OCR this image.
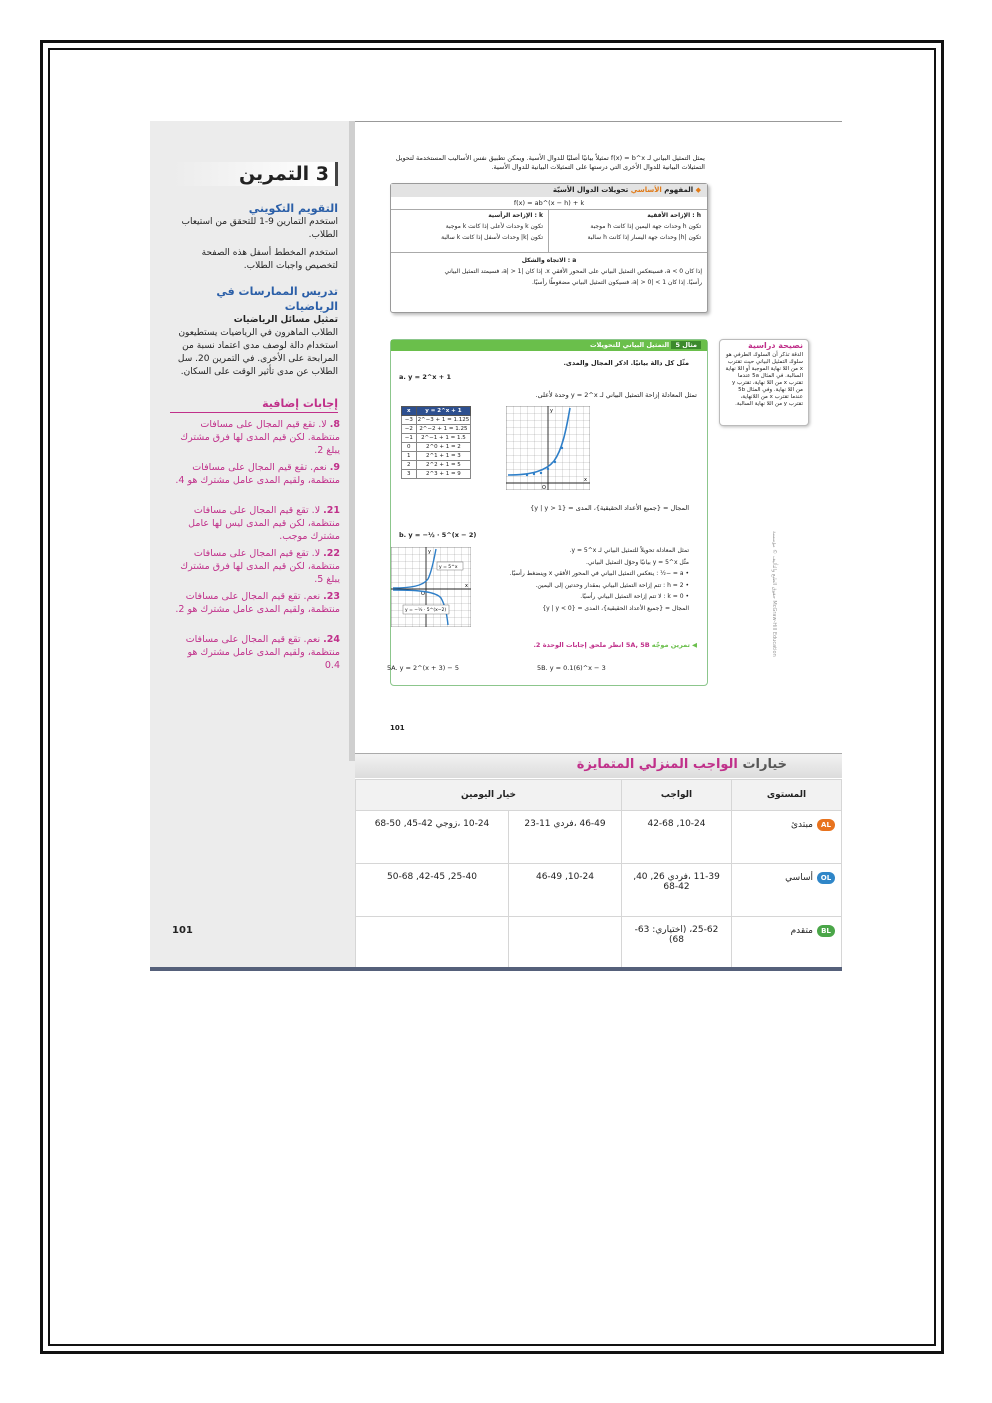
3 التمرين
التقويم التكويني
استخدم التمارين 9-1 للتحقق من استيعاب الطلاب.
استخدم المخطط أسفل هذه الصفحة لتخصيص واجبات الطلاب.
تدريس الممارسات في الرياضيات
تمثيل مسائل الرياضيات
الطلاب الماهرون في الرياضيات يستطيعون استخدام دالة لوصف مدى اعتماد نسبة من المرابحة على الأخرى. في التمرين 20. سل الطلاب عن مدى تأثير الوقت على السكان.
إجابات إضافية
8. لا. تقع قيم المجال على مسافات منتظمة. لكن قيم المدى لها فرق مشترك يبلغ 2.
9. نعم. تقع قيم المجال على مسافات منتظمة، ولقيم المدى عامل مشترك هو 4.
21. لا. تقع قيم المجال على مسافات منتظمة، لكن قيم المدى ليس لها عامل مشترك موجب.
22. لا. تقع قيم المجال على مسافات منتظمة، لكن قيم المدى لها فرق مشترك يبلغ 5.
23. نعم. تقع قيم المجال على مسافات منتظمة، ولقيم المدى عامل مشترك هو 2.
24. نعم. تقع قيم المجال على مسافات منتظمة، ولقيم المدى عامل مشترك هو 0.4
101
يمثل التمثيل البياني لـ f(x) = b^x تمثيلاً بيانيًا أصليًا للدوال الأسية. ويمكن تطبيق نفس الأساليب المستخدمة لتحويل التمثيلات البيانية للدوال الأخرى التي درستها على التمثيلات البيانية للدوال الأسية.
◆ المفهوم الأساسي تحويلات الدوال الأسيّة
f(x) = ab^(x − h) + k
h : الإزاحة الأفقية
تكون h وحدات جهة اليمين إذا كانت h موجبة
تكون |h| وحدات جهة اليسار إذا كانت h سالبة
k : الإزاحة الرأسية
تكون k وحدات لأعلى إذا كانت k موجبة
تكون |k| وحدات لأسفل إذا كانت k سالبة
a : الاتجاه والشكل
إذا كان a < 0، فسينعكس التمثيل البياني على المحور الأفقي x. إذا كان |a| > 1، فسيمتد التمثيل البياني
رأسيًا. إذا كان 1 > |a| > 0، فسيكون التمثيل البياني مضغوطًا رأسيًا.
نصيحة دراسية
الدقة تذكر أن السلوك الطرفي هو سلوك التمثيل البياني حيث تقترب x من اللا نهاية الموجبة أو اللا نهاية السالبة. في المثال 5a عندما تقترب x من اللا نهاية، تقترب y من اللا نهاية. وفي المثال 5b عندما تقترب x من اللانهاية، تقترب y من اللا نهاية السالبة.
مثال 5 التمثيل البياني للتحويلات
مثّل كل دالة بيانيًا. اذكر المجال والمدى.
a. y = 2^x + 1
تمثل المعادلة إزاحة التمثيل البياني لـ y = 2^x وحدة لأعلى.
x	y = 2^x + 1
−3	2^−3 + 1 = 1.125
−2	2^−2 + 1 = 1.25
−1	2^−1 + 1 = 1.5
0	2^0 + 1 = 2
1	2^1 + 1 = 3
2	2^2 + 1 = 5
3	2^3 + 1 = 9
y
x
O
المجال = {جميع الأعداد الحقيقية}، المدى = {y | y > 1}
b. y = −½ · 5^(x − 2)
y
x
O
y = 5^x
y = −½ · 5^(x−2)
تمثل المعادلة تحويلاً للتمثيل البياني لـ y = 5^x.
مثّل y = 5^x بيانيًا وحوّل التمثيل البياني.
• a = −½ : ينعكس التمثيل البياني في المحور الأفقي x وينضغط رأسيًا.
• h = 2 : تتم إزاحة التمثيل البياني بمقدار وحدتين إلى اليمين.
• k = 0 : لا تتم إزاحة التمثيل البياني رأسيًا.
المجال = {جميع الأعداد الحقيقية}، المدى = {y | y < 0}
◀ تمرين موجّه 5A, 5B انظر ملحق إجابات الوحدة 2.
5A. y = 2^(x + 3) − 5	5B. y = 0.1(6)^x − 3
حقوق الطبع والتأليف © مؤسسة McGraw-Hill Education
101
خيارات الواجب المنزلي المتمايزة
المستوى	الواجب	خيار اليومين	
ALمبتدئ	10-24, 42-68	46-49 ،فردي 11-23	10-24 ،زوجي 42-45, 50-68
OLأساسي	11-39 ،فردي 26, 40, 42-68	10-24, 46-49	25-40, 42-45, 50-68
BLمتقدم	25-62، (اختياري: 63-68)		
